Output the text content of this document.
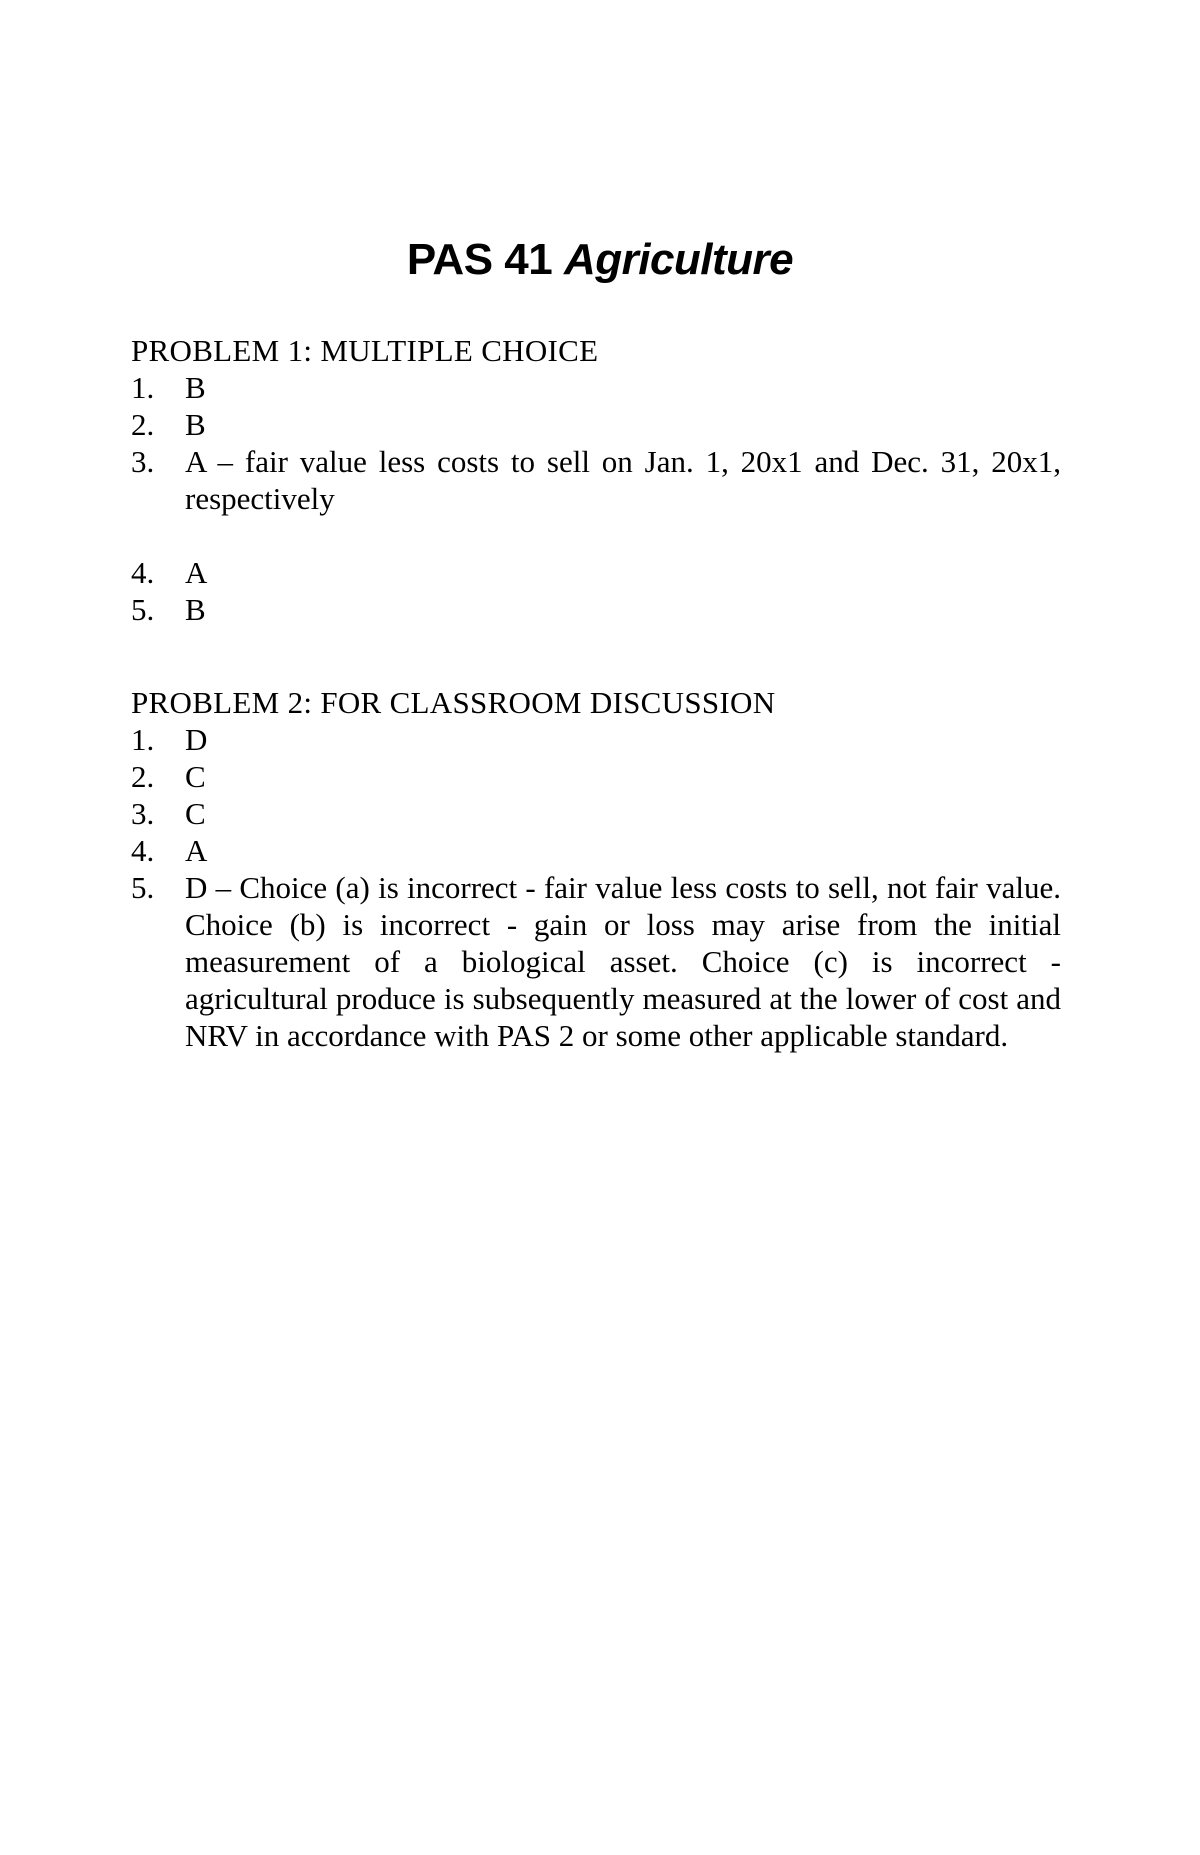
PAS 41 Agriculture

PROBLEM 1: MULTIPLE CHOICE

1. B
2. B
3. A – fair value less costs to sell on Jan. 1, 20x1 and Dec. 31, 20x1, respectively
4. A
5. B

PROBLEM 2: FOR CLASSROOM DISCUSSION

1. D
2. C
3. C
4. A
5. D – Choice (a) is incorrect - fair value less costs to sell, not fair value. Choice (b) is incorrect - gain or loss may arise from the initial measurement of a biological asset. Choice (c) is incorrect - agricultural produce is subsequently measured at the lower of cost and NRV in accordance with PAS 2 or some other applicable standard.
